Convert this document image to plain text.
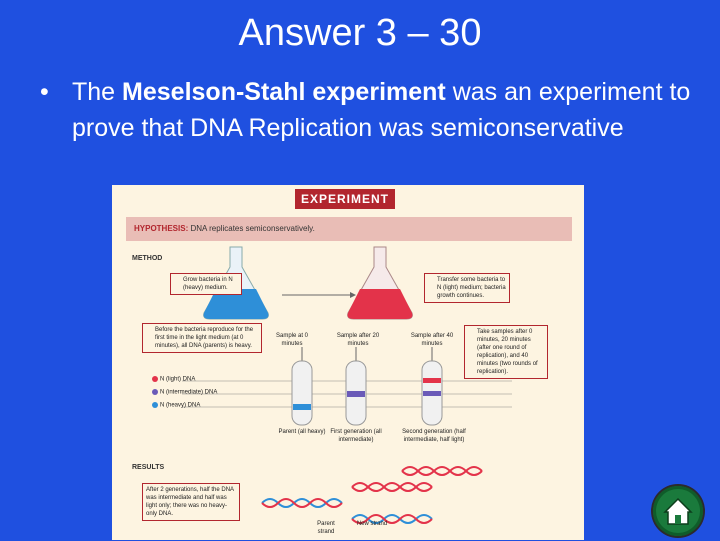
Answer 3 – 30
• The Meselson-Stahl experiment was an experiment to prove that DNA Replication was semiconservative
EXPERIMENT
HYPOTHESIS: DNA replicates semiconservatively.
METHOD
Grow bacteria in N (heavy) medium.
Transfer some bacteria to N (light) medium; bacteria growth continues.
Before the bacteria reproduce for the first time in the light medium (at 0 minutes), all DNA (parents) is heavy.
Take samples after 0 minutes, 20 minutes (after one round of replication), and 40 minutes (two rounds of replication).
Sample at 0 minutes
Sample after 20 minutes
Sample after 40 minutes
N (light) DNA
N (intermediate) DNA
N (heavy) DNA
Parent (all heavy) First generation (all intermediate)
Second generation (half intermediate, half light)
RESULTS
After 2 generations, half the DNA was intermediate and half was light only; there was no heavy-only DNA.
Parent strand
New strand
